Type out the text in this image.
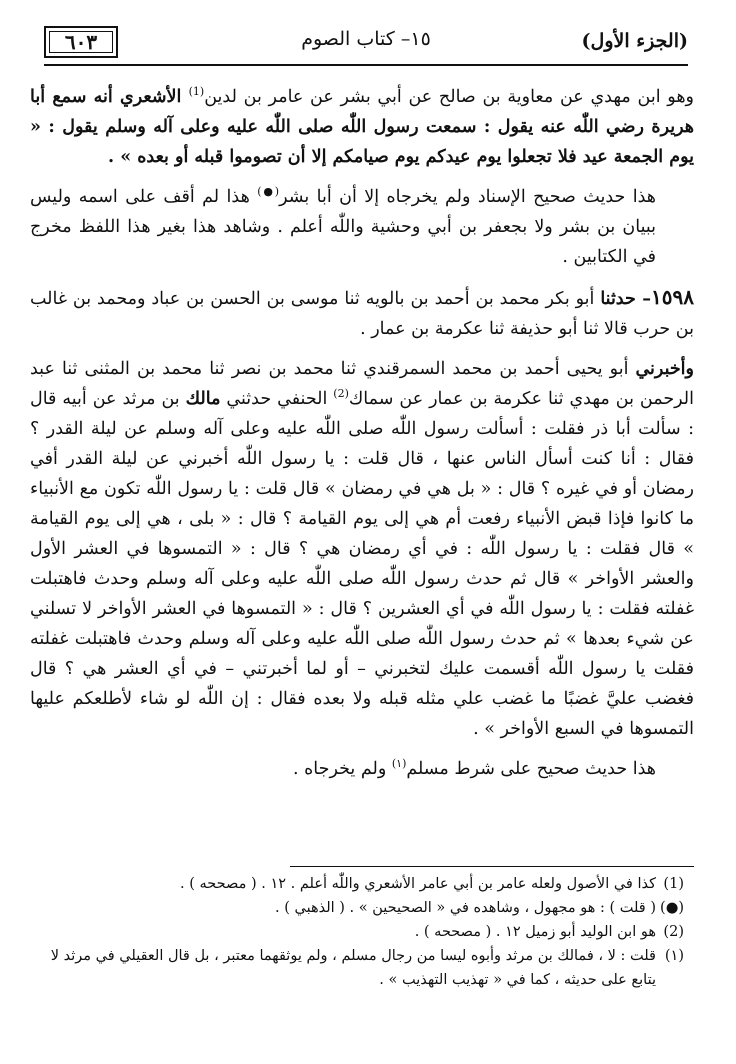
(الجزء الأول)
١٥– كتاب الصوم
٦٠٣

وهو ابن مهدي عن معاوية بن صالح عن أبي بشر عن عامر بن لدين$^{(1)}$ الأشعري أنه سمع أبا هريرة رضي اللّٰه عنه يقول : سمعت رسول اللّٰه صلى اللّٰه عليه وعلى آله وسلم يقول : « يوم الجمعة عيد فلا تجعلوا يوم عيدكم يوم صيامكم إلا أن تصوموا قبله أو بعده » .

هذا حديث صحيح الإسناد ولم يخرجاه إلا أن أبا بشر(●) هذا لم أقف على اسمه وليس ببيان بن بشر ولا بجعفر بن أبي وحشية واللّٰه أعلم . وشاهد هذا بغير هذا اللفظ مخرج في الكتابين .

١٥٩٨– حدثنا أبو بكر محمد بن أحمد بن بالويه ثنا موسى بن الحسن بن عباد ومحمد بن غالب بن حرب قالا ثنا أبو حذيفة ثنا عكرمة بن عمار .

وأخبرني أبو يحيى أحمد بن محمد السمرقندي ثنا محمد بن نصر ثنا محمد بن المثنى ثنا عبد الرحمن بن مهدي ثنا عكرمة بن عمار عن سماك$^{(2)}$ الحنفي حدثني مالك بن مرثد عن أبيه قال : سألت أبا ذر فقلت : أسألت رسول اللّٰه صلى اللّٰه عليه وعلى آله وسلم عن ليلة القدر ؟ فقال : أنا كنت أسأل الناس عنها ، قال قلت : يا رسول اللّٰه أخبرني عن ليلة القدر أفي رمضان أو في غيره ؟ قال : « بل هي في رمضان » قال قلت : يا رسول اللّٰه تكون مع الأنبياء ما كانوا فإذا قبض الأنبياء رفعت أم هي إلى يوم القيامة ؟ قال : « بلى ، هي إلى يوم القيامة » قال فقلت : يا رسول اللّٰه : في أي رمضان هي ؟ قال : « التمسوها في العشر الأول والعشر الأواخر » قال ثم حدث رسول اللّٰه صلى اللّٰه عليه وعلى آله وسلم وحدث فاهتبلت غفلته فقلت : يا رسول اللّٰه في أي العشرين ؟ قال : « التمسوها في العشر الأواخر لا تسلني عن شيء بعدها » ثم حدث رسول اللّٰه صلى اللّٰه عليه وعلى آله وسلم وحدث فاهتبلت غفلته فقلت يا رسول اللّٰه أقسمت عليك لتخبرني – أو لما أخبرتني – في أي العشر هي ؟ قال فغضب عليَّ غضبًا ما غضب علي مثله قبله ولا بعده فقال : إن اللّٰه لو شاء لأطلعكم عليها التمسوها في السبع الأواخر » .

هذا حديث صحيح على شرط مسلم$^{(١)}$ ولم يخرجاه .

(1)
كذا في الأصول ولعله عامر بن أبي عامر الأشعري واللّٰه أعلم . ١٢ . ( مصححه ) .
(●)
( قلت ) : هو مجهول ، وشاهده في « الصحيحين » . ( الذهبي ) .
(2)
هو ابن الوليد أبو زميل ١٢ . ( مصححه ) .
(١)
قلت : لا ، فمالك بن مرثد وأبوه ليسا من رجال مسلم ، ولم يوثقهما معتبر ، بل قال العقيلي في مرثد لا يتابع على حديثه ، كما في « تهذيب التهذيب » .
